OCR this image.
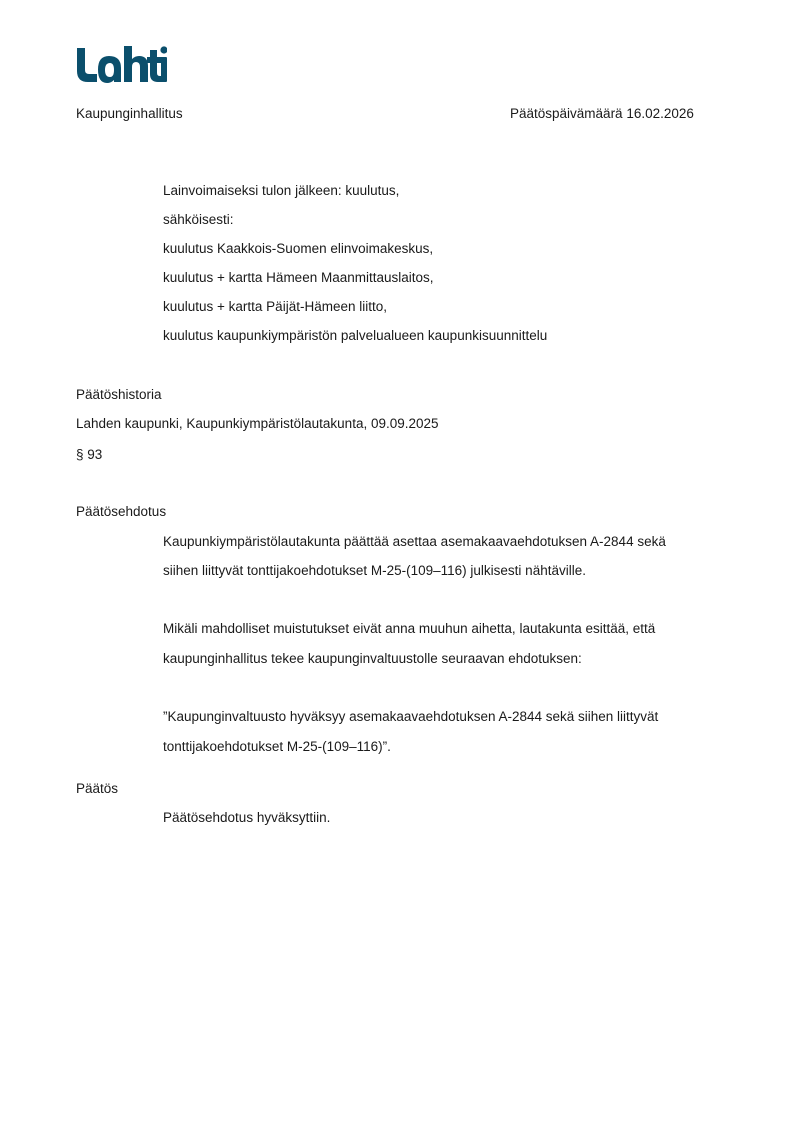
Kaupunginhallitus	Päätöspäivämäärä 16.02.2026
Lainvoimaiseksi tulon jälkeen: kuulutus,
sähköisesti:
kuulutus Kaakkois-Suomen elinvoimakeskus,
kuulutus + kartta Hämeen Maanmittauslaitos,
kuulutus + kartta Päijät-Hämeen liitto,
kuulutus kaupunkiympäristön palvelualueen kaupunkisuunnittelu
Päätöshistoria
Lahden kaupunki, Kaupunkiympäristölautakunta, 09.09.2025
§ 93
Päätösehdotus
Kaupunkiympäristölautakunta päättää asettaa asemakaavaehdotuksen A-2844 sekä
siihen liittyvät tonttijakoehdotukset M-25-(109–116) julkisesti nähtäville.
Mikäli mahdolliset muistutukset eivät anna muuhun aihetta, lautakunta esittää, että
kaupunginhallitus tekee kaupunginvaltuustolle seuraavan ehdotuksen:
”Kaupunginvaltuusto hyväksyy asemakaavaehdotuksen A-2844 sekä siihen liittyvät
tonttijakoehdotukset M-25-(109–116)”.
Päätös
Päätösehdotus hyväksyttiin.
